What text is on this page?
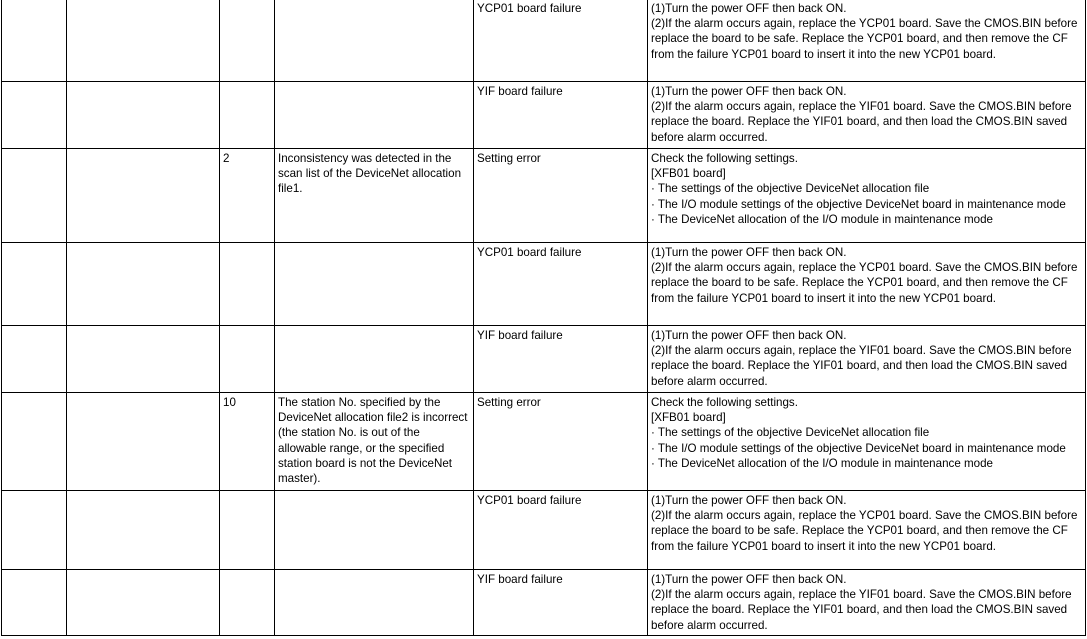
				YCP01 board failure	(1)Turn the power OFF then back ON.
(2)If the alarm occurs again, replace the YCP01 board. Save the CMOS.BIN before replace the board to be safe. Replace the YCP01 board, and then remove the CF from the failure YCP01 board to insert it into the new YCP01 board.

				YIF board failure	(1)Turn the power OFF then back ON.
(2)If the alarm occurs again, replace the YIF01 board. Save the CMOS.BIN before replace the board. Replace the YIF01 board, and then load the CMOS.BIN saved before alarm occurred.

		2	Inconsistency was detected in the scan list of the DeviceNet allocation file1.	Setting error	Check the following settings.
[XFB01 board]
· The settings of the objective DeviceNet allocation file
· The I/O module settings of the objective DeviceNet board in maintenance mode
· The DeviceNet allocation of the I/O module in maintenance mode

				YCP01 board failure	(1)Turn the power OFF then back ON.
(2)If the alarm occurs again, replace the YCP01 board. Save the CMOS.BIN before replace the board to be safe. Replace the YCP01 board, and then remove the CF from the failure YCP01 board to insert it into the new YCP01 board.

				YIF board failure	(1)Turn the power OFF then back ON.
(2)If the alarm occurs again, replace the YIF01 board. Save the CMOS.BIN before replace the board. Replace the YIF01 board, and then load the CMOS.BIN saved before alarm occurred.

		10	The station No. specified by the DeviceNet allocation file2 is incorrect (the station No. is out of the allowable range, or the specified station board is not the DeviceNet master).	Setting error	Check the following settings.
[XFB01 board]
· The settings of the objective DeviceNet allocation file
· The I/O module settings of the objective DeviceNet board in maintenance mode
· The DeviceNet allocation of the I/O module in maintenance mode

				YCP01 board failure	(1)Turn the power OFF then back ON.
(2)If the alarm occurs again, replace the YCP01 board. Save the CMOS.BIN before replace the board to be safe. Replace the YCP01 board, and then remove the CF from the failure YCP01 board to insert it into the new YCP01 board.

				YIF board failure	(1)Turn the power OFF then back ON.
(2)If the alarm occurs again, replace the YIF01 board. Save the CMOS.BIN before replace the board. Replace the YIF01 board, and then load the CMOS.BIN saved before alarm occurred.
